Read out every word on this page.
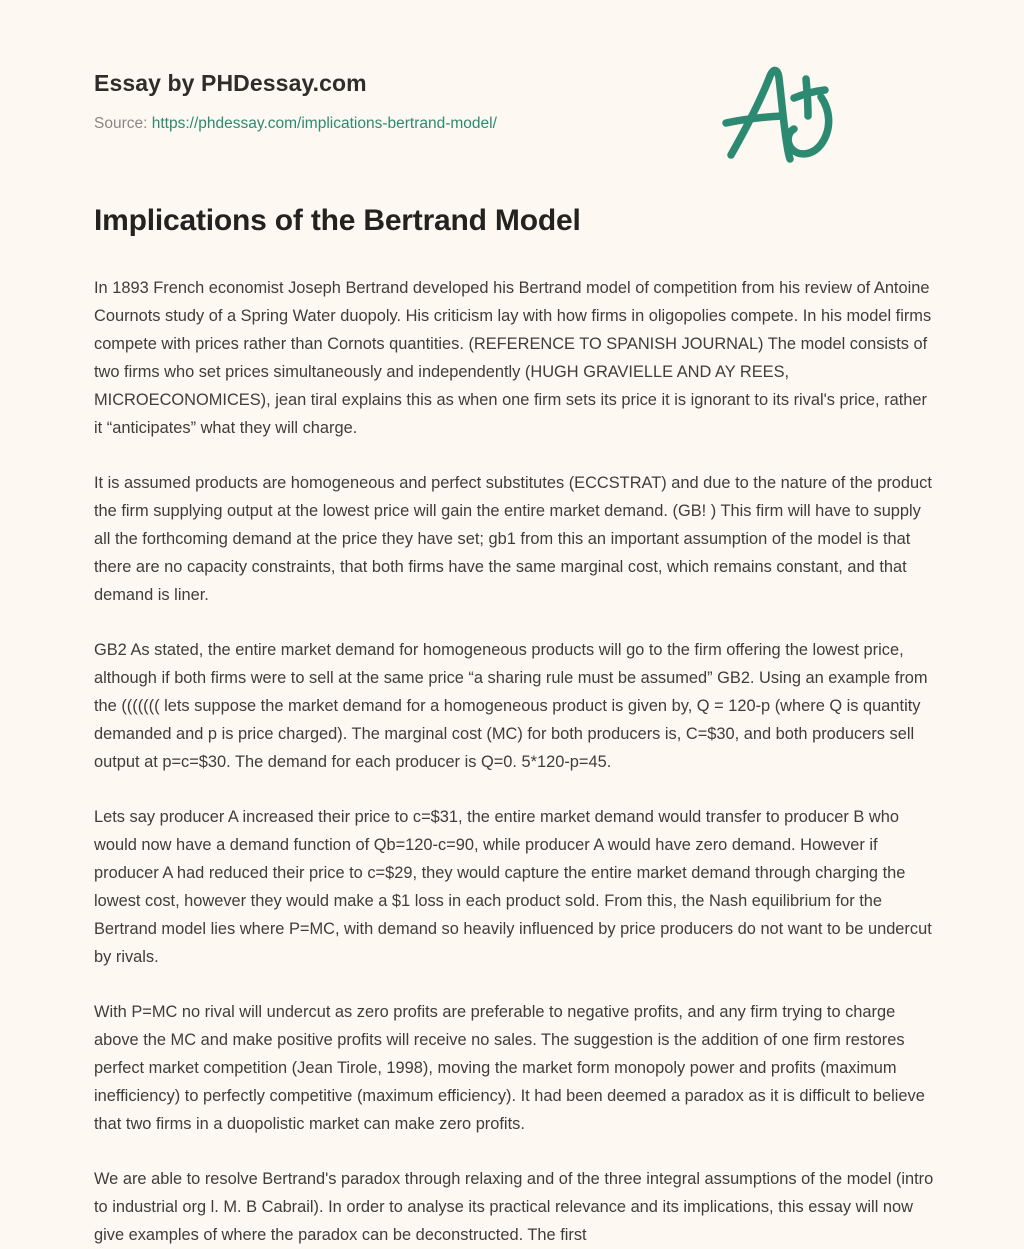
Essay by PHDessay.com
Source: https://phdessay.com/implications-bertrand-model/
Implications of the Bertrand Model

In 1893 French economist Joseph Bertrand developed his Bertrand model of competition from his review of Antoine Cournots study of a Spring Water duopoly. His criticism lay with how firms in oligopolies compete. In his model firms compete with prices rather than Cornots quantities. (REFERENCE TO SPANISH JOURNAL) The model consists of two firms who set prices simultaneously and independently (HUGH GRAVIELLE AND AY REES, MICROECONOMICES), jean tiral explains this as when one firm sets its price it is ignorant to its rival's price, rather it “anticipates” what they will charge.

It is assumed products are homogeneous and perfect substitutes (ECCSTRAT) and due to the nature of the product the firm supplying output at the lowest price will gain the entire market demand. (GB! ) This firm will have to supply all the forthcoming demand at the price they have set; gb1 from this an important assumption of the model is that there are no capacity constraints, that both firms have the same marginal cost, which remains constant, and that demand is liner.

GB2 As stated, the entire market demand for homogeneous products will go to the firm offering the lowest price, although if both firms were to sell at the same price “a sharing rule must be assumed” GB2. Using an example from the ((((((( lets suppose the market demand for a homogeneous product is given by, Q = 120-p (where Q is quantity demanded and p is price charged). The marginal cost (MC) for both producers is, C=$30, and both producers sell output at p=c=$30. The demand for each producer is Q=0. 5*120-p=45.

Lets say producer A increased their price to c=$31, the entire market demand would transfer to producer B who would now have a demand function of Qb=120-c=90, while producer A would have zero demand. However if producer A had reduced their price to c=$29, they would capture the entire market demand through charging the lowest cost, however they would make a $1 loss in each product sold. From this, the Nash equilibrium for the Bertrand model lies where P=MC, with demand so heavily influenced by price producers do not want to be undercut by rivals.

With P=MC no rival will undercut as zero profits are preferable to negative profits, and any firm trying to charge above the MC and make positive profits will receive no sales. The suggestion is the addition of one firm restores perfect market competition (Jean Tirole, 1998), moving the market form monopoly power and profits (maximum inefficiency) to perfectly competitive (maximum efficiency). It had been deemed a paradox as it is difficult to believe that two firms in a duopolistic market can make zero profits.

We are able to resolve Bertrand's paradox through relaxing and of the three integral assumptions of the model (intro to industrial org l. M. B Cabrail). In order to analyse its practical relevance and its implications, this essay will now give examples of where the paradox can be deconstructed. The first
